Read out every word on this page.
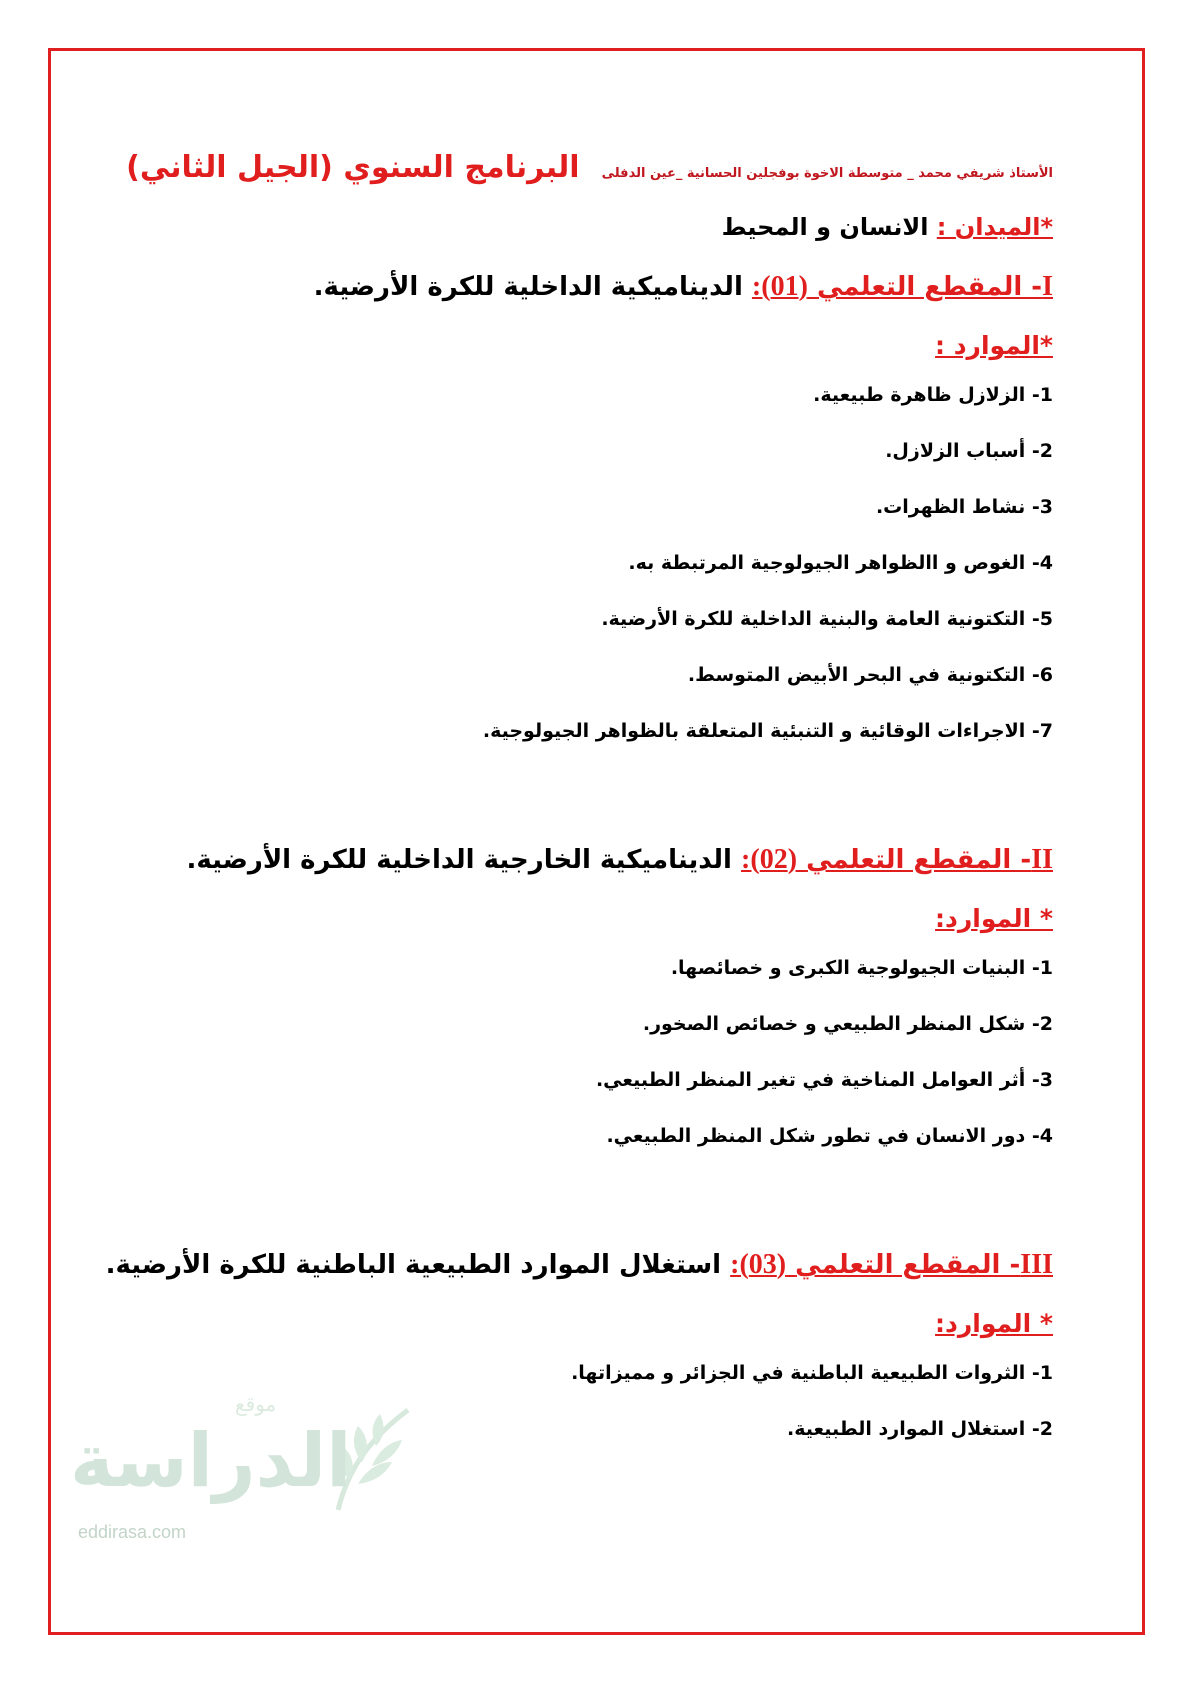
الأستاذ شريفي محمد _ متوسطة الاخوة بوفجلين الحسانية _عين الدفلى
البرنامج السنوي (الجيل الثاني)
*الميدان : الانسان و المحيط
I- المقطع التعلمي (01): الديناميكية الداخلية للكرة الأرضية.
*الموارد :
1- الزلازل ظاهرة طبيعية.
2- أسباب الزلازل.
3- نشاط الظهرات.
4- الغوص و االظواهر الجيولوجية المرتبطة به.
5- التكتونية العامة والبنية الداخلية للكرة الأرضية.
6- التكتونية في البحر الأبيض المتوسط.
7- الاجراءات الوقائية و التنبئية المتعلقة بالظواهر الجيولوجية.
II- المقطع التعلمي (02): الديناميكية الخارجية الداخلية للكرة الأرضية.
* الموارد:
1- البنيات الجيولوجية الكبرى و خصائصها.
2- شكل المنظر الطبيعي و خصائص الصخور.
3- أثر العوامل المناخية في تغير المنظر الطبيعي.
4- دور الانسان في تطور شكل المنظر الطبيعي.
III- المقطع التعلمي (03): استغلال الموارد الطبيعية الباطنية للكرة الأرضية.
* الموارد:
1- الثروات الطبيعية الباطنية في الجزائر و مميزاتها.
2- استغلال الموارد الطبيعية.
موقع
الدراسة
eddirasa.com
